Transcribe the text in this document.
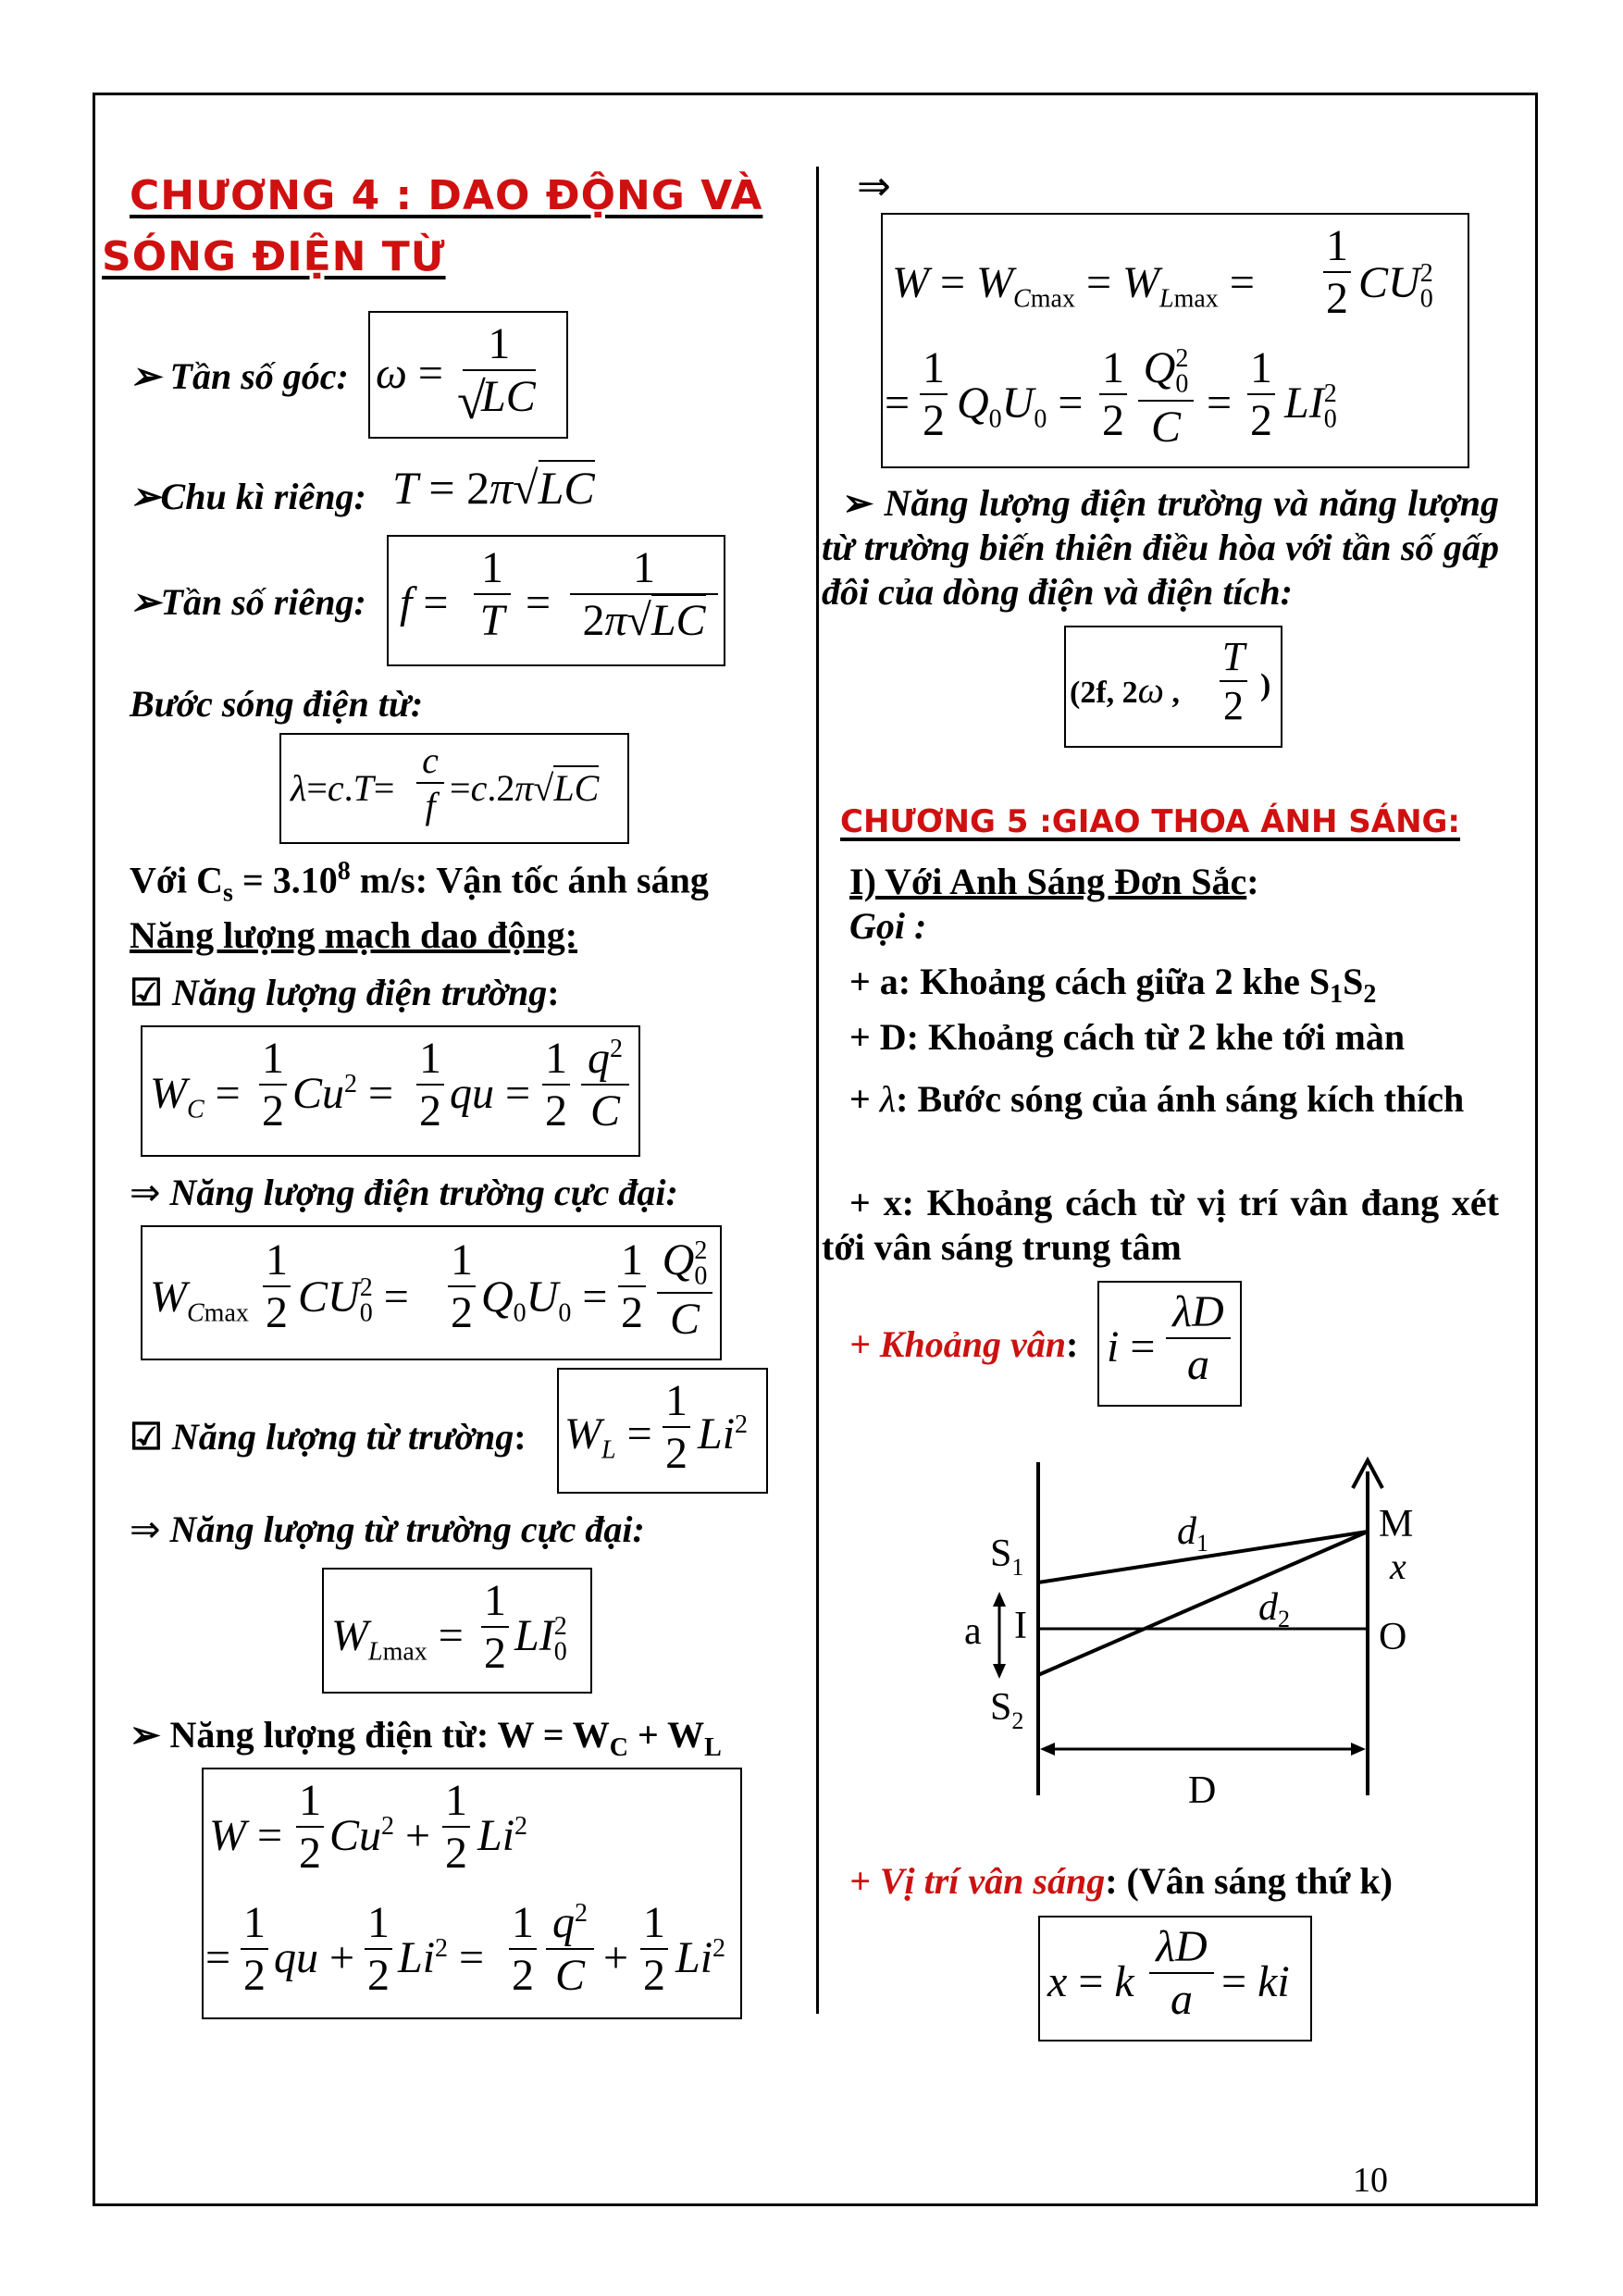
CHƯƠNG 4 : DAO ĐỘNG VÀ
SÓNG ĐIỆN TỪ
➢ Tần số góc: $\omega = \frac{1}{LC}$
√
➢Chu kì riêng: T = 2π√LC
➢Tần số riêng: f =
1
T =
1
2π√LC
Bước sóng điện từ:
λ=c.T=
c
f =c.2π√LC
Với $C_s = 3.10^8$ m/s: Vận tốc ánh sáng
Năng lượng mạch dao động:
☑ Năng lượng điện trường:
$W_C$ =
1
2 $Cu^2$ =
1
2 qu =
1
2
$q^2$
C
⇒ Năng lượng điện trường cực đại:
$W_{Cmax}$
1
2 $CU_0^2$ =
1
2 $Q_0U_0$ =
1
2
$Q_0^2$
C
☑ Năng lượng từ trường: $W_L$ =
1
2 Li$^2$
⇒ Năng lượng từ trường cực đại:
$W_{Lmax}$ =
1
2 $LI_0^2$
➢ Năng lượng điện từ: $W = W_C + W_L$
W =
1
2 $Cu^2$ +
1
2 $Li^2$
=
1
2 qu +
1
2 $Li^2$ =
1
2
$q^2$
C +
1
2 Li$^2$
⇒
$W = W_{Cmax} = W_{Lmax}$ =
1
2 $CU_0^2$
=
1
2 $Q_0U_0$ =
1
2
$Q_0^2$
C =
1
2 $LI_0^2$
➢ Năng lượng điện trường và năng lượng từ trường biến thiên điều hòa với tần số gấp đôi của dòng điện và điện tích:
(2f, 2ω ,
T
2 )
CHƯƠNG 5 :GIAO THOA ÁNH SÁNG:
I) Với Anh Sáng Đơn Sắc:
Gọi :
+ a: Khoảng cách giữa 2 khe $S_1S_2$
+ D: Khoảng cách từ 2 khe tới màn
+ λ: Bước sóng của ánh sáng kích thích
+ x: Khoảng cách từ vị trí vân đang xét tới vân sáng trung tâm
+ Khoảng vân: i =
λD
a
$S_1$
$S_2$
a I
d1
d2
M
x
O
D
+ Vị trí vân sáng: (Vân sáng thứ k)
x = k
λD
a = ki
10
